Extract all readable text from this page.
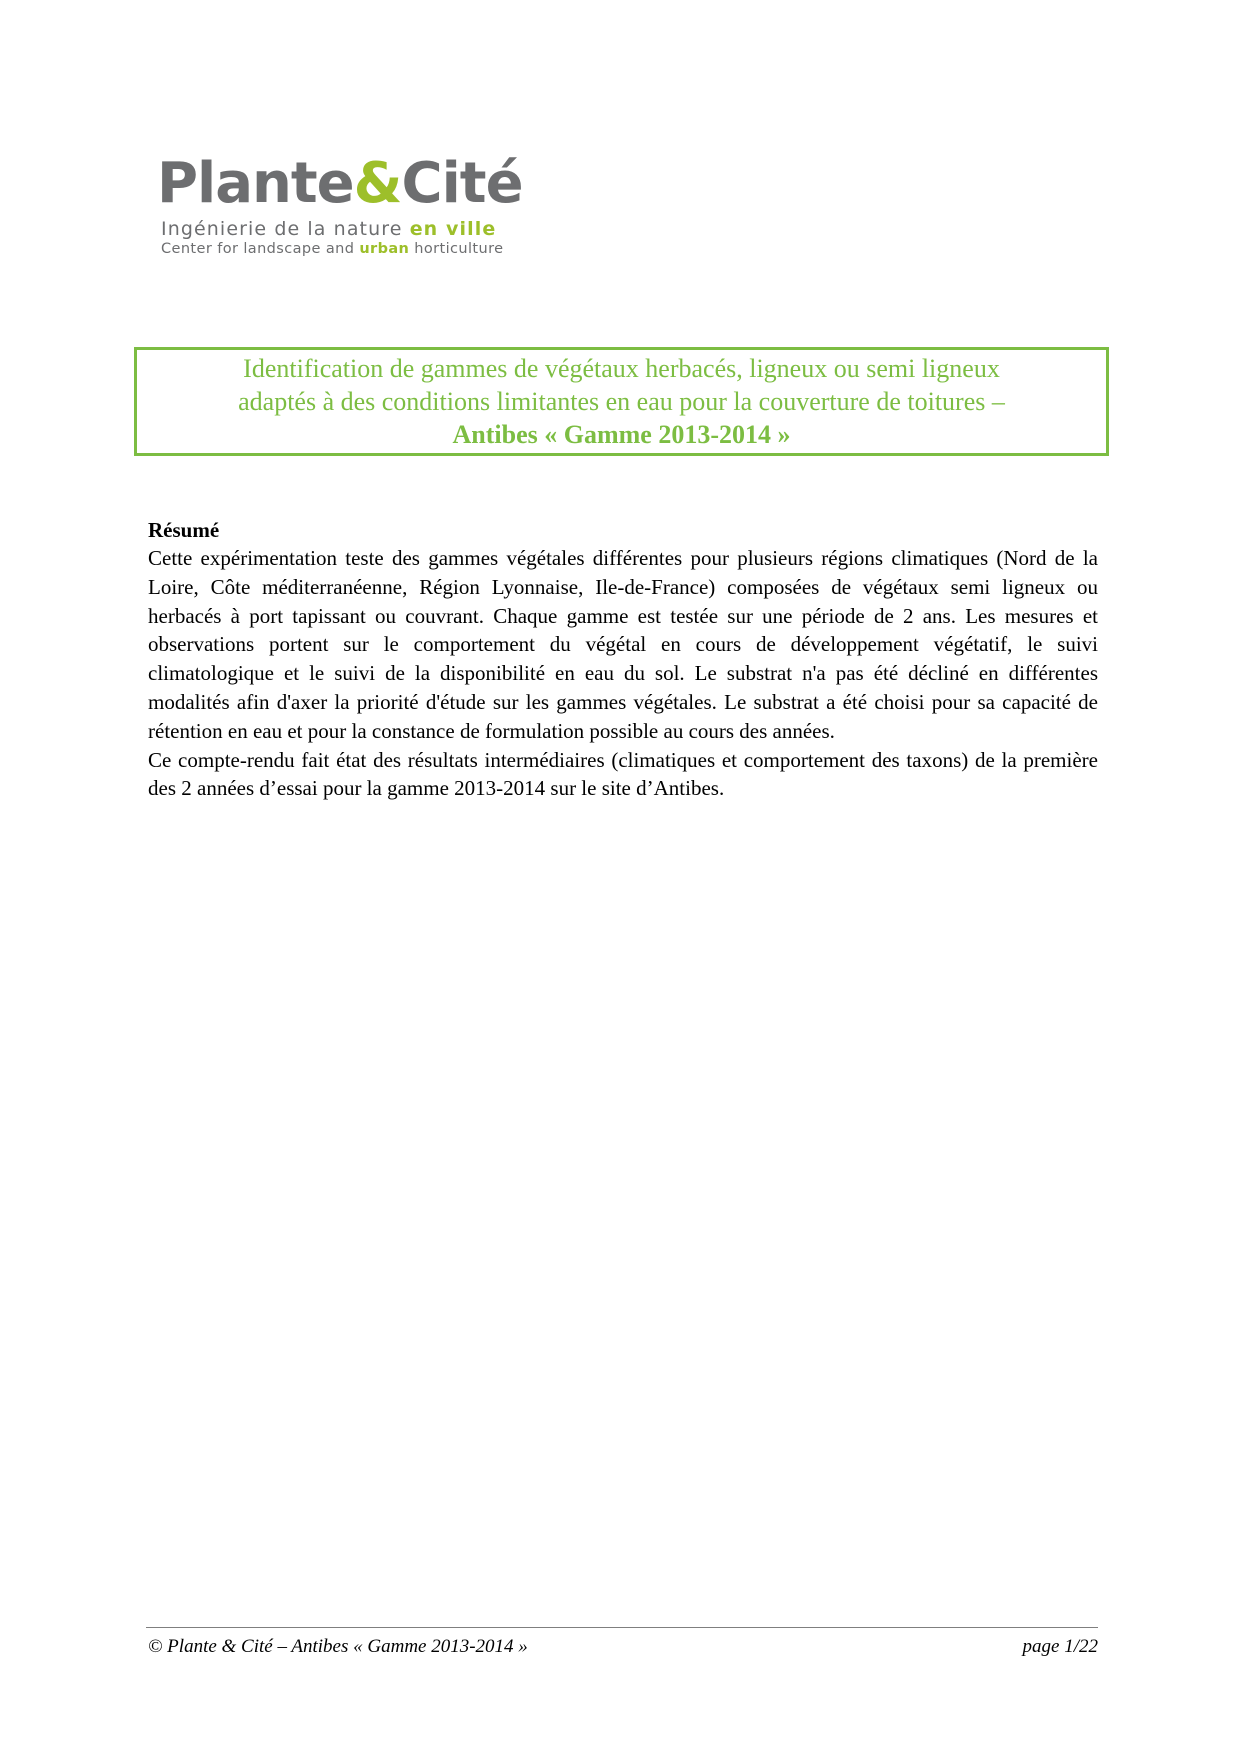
Plante&Cité
Ingénierie de la nature en ville
Center for landscape and urban horticulture
Identification de gammes de végétaux herbacés, ligneux ou semi ligneux
adaptés à des conditions limitantes en eau pour la couverture de toitures –
Antibes « Gamme 2013-2014 »
Résumé

Cette expérimentation teste des gammes végétales différentes pour plusieurs régions climatiques (Nord de la Loire, Côte méditerranéenne, Région Lyonnaise, Ile-de-France) composées de végétaux semi ligneux ou herbacés à port tapissant ou couvrant. Chaque gamme est testée sur une période de 2 ans. Les mesures et observations portent sur le comportement du végétal en cours de développement végétatif, le suivi climatologique et le suivi de la disponibilité en eau du sol. Le substrat n'a pas été décliné en différentes modalités afin d'axer la priorité d'étude sur les gammes végétales. Le substrat a été choisi pour sa capacité de rétention en eau et pour la constance de formulation possible au cours des années.

Ce compte-rendu fait état des résultats intermédiaires (climatiques et comportement des taxons) de la première des 2 années d’essai pour la gamme 2013-2014 sur le site d’Antibes.

© Plante & Cité – Antibes « Gamme 2013-2014 »	page 1/22
